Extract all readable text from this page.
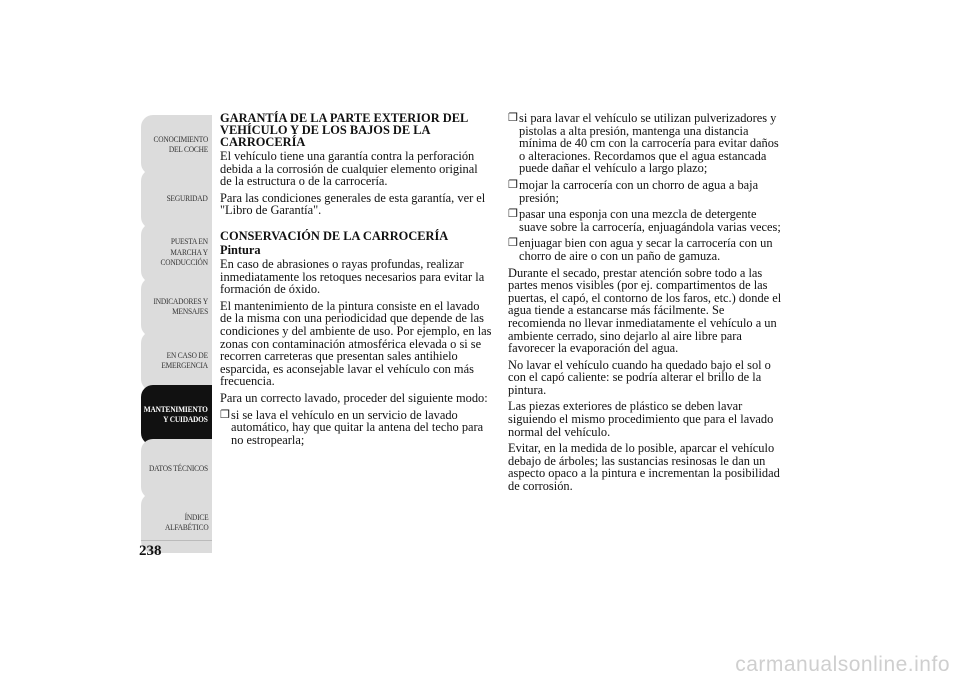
CONOCIMIENTO
DEL COCHE
SEGURIDAD
PUESTA EN
MARCHA Y
CONDUCCIÓN
INDICADORES Y
MENSAJES
EN CASO DE
EMERGENCIA
MANTENIMIENTO
Y CUIDADOS
DATOS TÉCNICOS
ÍNDICE
ALFABÉTICO
238
GARANTÍA DE LA PARTE EXTERIOR DEL VEHÍCULO Y DE LOS BAJOS DE LA CARROCERÍA

El vehículo tiene una garantía contra la perforación debida a la corrosión de cualquier elemento original de la estructura o de la carrocería.

Para las condiciones generales de esta garantía, ver el "Libro de Garantía".

CONSERVACIÓN DE LA CARROCERÍA
Pintura

En caso de abrasiones o rayas profundas, realizar inmediatamente los retoques necesarios para evitar la formación de óxido.

El mantenimiento de la pintura consiste en el lavado de la misma con una periodicidad que depende de las condiciones y del ambiente de uso. Por ejemplo, en las zonas con contaminación atmosférica elevada o si se recorren carreteras que presentan sales antihielo esparcida, es aconsejable lavar el vehículo con más frecuencia.

Para un correcto lavado, proceder del siguiente modo:

❐ si se lava el vehículo en un servicio de lavado automático, hay que quitar la antena del techo para no estropearla;
❐ si para lavar el vehículo se utilizan pulverizadores y pistolas a alta presión, mantenga una distancia mínima de 40 cm con la carrocería para evitar daños o alteraciones. Recordamos que el agua estancada puede dañar el vehículo a largo plazo;
❐ mojar la carrocería con un chorro de agua a baja presión;
❐ pasar una esponja con una mezcla de detergente suave sobre la carrocería, enjuagándola varias veces;
❐ enjuagar bien con agua y secar la carrocería con un chorro de aire o con un paño de gamuza.

Durante el secado, prestar atención sobre todo a las partes menos visibles (por ej. compartimentos de las puertas, el capó, el contorno de los faros, etc.) donde el agua tiende a estancarse más fácilmente. Se recomienda no llevar inmediatamente el vehículo a un ambiente cerrado, sino dejarlo al aire libre para favorecer la evaporación del agua.

No lavar el vehículo cuando ha quedado bajo el sol o con el capó caliente: se podría alterar el brillo de la pintura.

Las piezas exteriores de plástico se deben lavar siguiendo el mismo procedimiento que para el lavado normal del vehículo.

Evitar, en la medida de lo posible, aparcar el vehículo debajo de árboles; las sustancias resinosas le dan un aspecto opaco a la pintura e incrementan la posibilidad de corrosión.

carmanualsonline.info
